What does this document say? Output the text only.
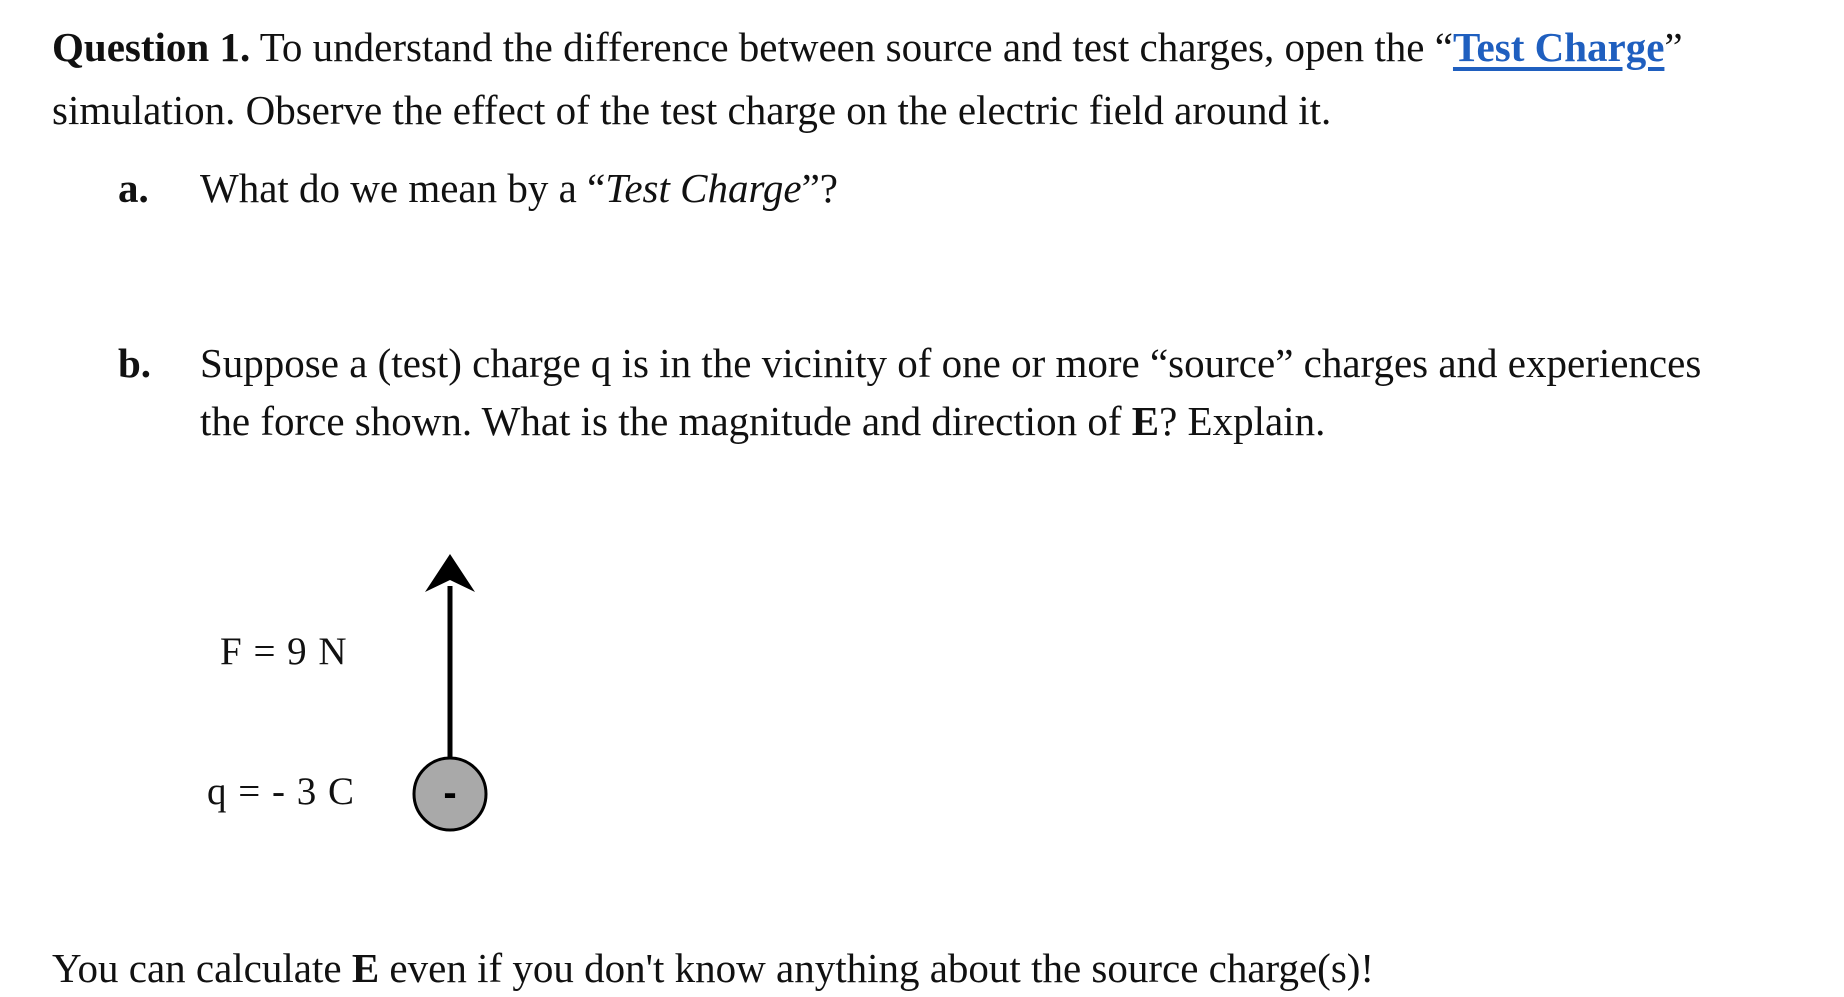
Question 1. To understand the difference between source and test charges, open the “Test Charge”
simulation. Observe the effect of the test charge on the electric field around it.
a. What do we mean by a “Test Charge”?
b. Suppose a (test) charge q is in the vicinity of one or more “source” charges and experiences
the force shown. What is the magnitude and direction of E? Explain.
F = 9 N
q = - 3 C -
You can calculate E even if you don't know anything about the source charge(s)!
